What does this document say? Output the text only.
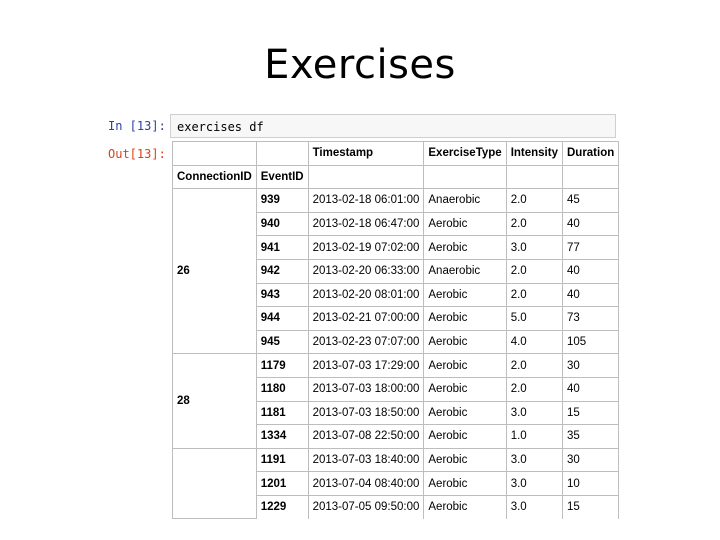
Exercises
In [13]: exercises df
Out[13]:
			Timestamp	ExerciseType	Intensity	Duration
ConnectionID	EventID				
26	939	2013-02-18 06:01:00	Anaerobic	2.0	45
	940	2013-02-18 06:47:00	Aerobic	2.0	40
	941	2013-02-19 07:02:00	Aerobic	3.0	77
	942	2013-02-20 06:33:00	Anaerobic	2.0	40
	943	2013-02-20 08:01:00	Aerobic	2.0	40
	944	2013-02-21 07:00:00	Aerobic	5.0	73
	945	2013-02-23 07:07:00	Aerobic	4.0	105
28	1179	2013-07-03 17:29:00	Aerobic	2.0	30
	1180	2013-07-03 18:00:00	Aerobic	2.0	40
	1181	2013-07-03 18:50:00	Aerobic	3.0	15
	1334	2013-07-08 22:50:00	Aerobic	1.0	35
	1191	2013-07-03 18:40:00	Aerobic	3.0	30
	1201	2013-07-04 08:40:00	Aerobic	3.0	10
	1229	2013-07-05 09:50:00	Aerobic	3.0	15
